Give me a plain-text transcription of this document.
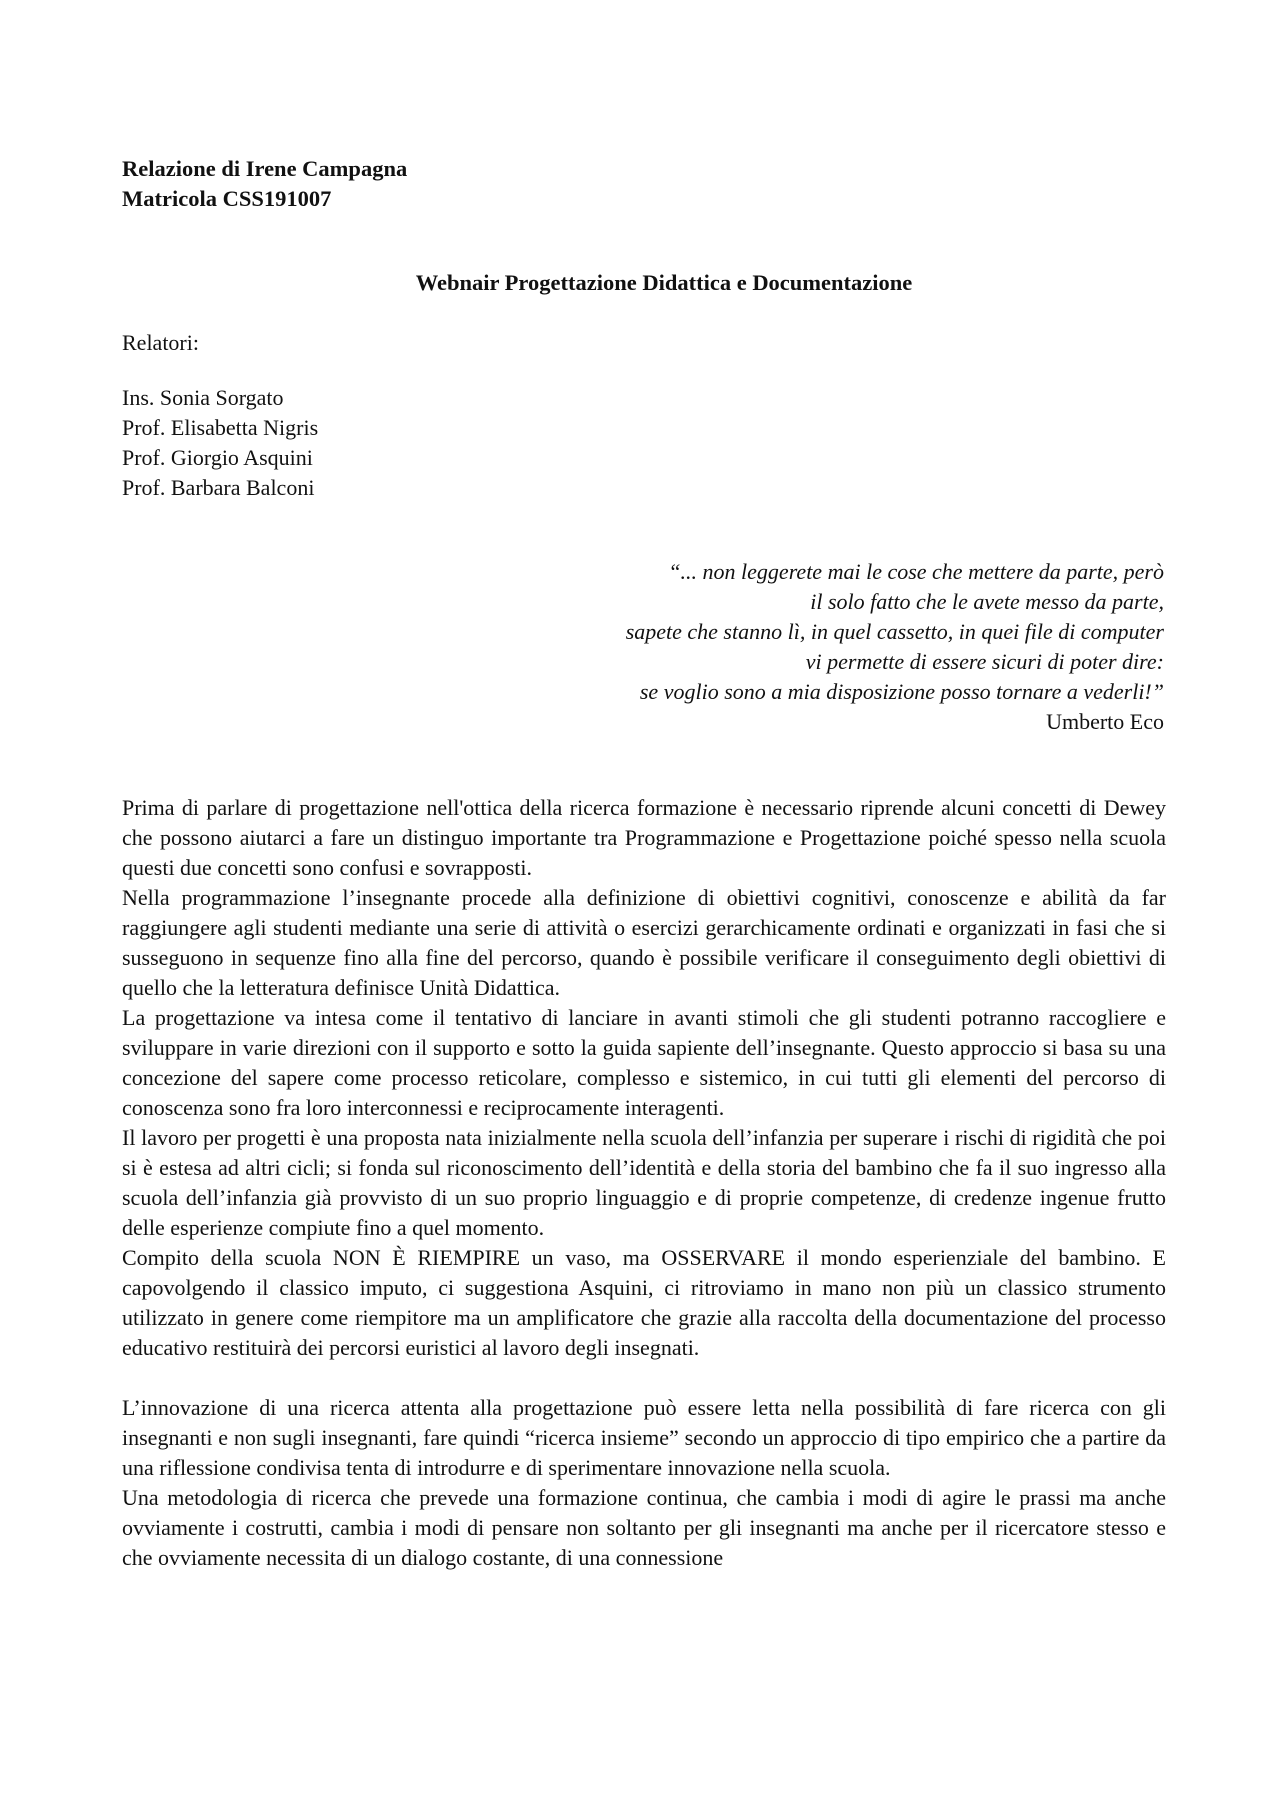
Relazione di Irene Campagna
Matricola CSS191007
Webnair Progettazione Didattica e Documentazione
Relatori:
Ins. Sonia Sorgato
Prof. Elisabetta Nigris
Prof. Giorgio Asquini
Prof. Barbara Balconi
“... non leggerete mai le cose che mettere da parte, però
il solo fatto che le avete messo da parte,
sapete che stanno lì, in quel cassetto, in quei file di computer
vi permette di essere sicuri di poter dire:
se voglio sono a mia disposizione posso tornare a vederli!”
Umberto Eco

Prima di parlare di progettazione nell'ottica della ricerca formazione è necessario riprende alcuni concetti di Dewey che possono aiutarci a fare un distinguo importante tra Programmazione e Progettazione poiché spesso nella scuola questi due concetti sono confusi e sovrapposti.

Nella programmazione l’insegnante procede alla definizione di obiettivi cognitivi, conoscenze e abilità da far raggiungere agli studenti mediante una serie di attività o esercizi gerarchicamente ordinati e organizzati in fasi che si susseguono in sequenze fino alla fine del percorso, quando è possibile verificare il conseguimento degli obiettivi di quello che la letteratura definisce Unità Didattica.

La progettazione va intesa come il tentativo di lanciare in avanti stimoli che gli studenti potranno raccogliere e sviluppare in varie direzioni con il supporto e sotto la guida sapiente dell’insegnante. Questo approccio si basa su una concezione del sapere come processo reticolare, complesso e sistemico, in cui tutti gli elementi del percorso di conoscenza sono fra loro interconnessi e reciprocamente interagenti.

Il lavoro per progetti è una proposta nata inizialmente nella scuola dell’infanzia per superare i rischi di rigidità che poi si è estesa ad altri cicli; si fonda sul riconoscimento dell’identità e della storia del bambino che fa il suo ingresso alla scuola dell’infanzia già provvisto di un suo proprio linguaggio e di proprie competenze, di credenze ingenue frutto delle esperienze compiute fino a quel momento.

Compito della scuola NON È RIEMPIRE un vaso, ma OSSERVARE il mondo esperienziale del bambino. E capovolgendo il classico imputo, ci suggestiona Asquini, ci ritroviamo in mano non più un classico strumento utilizzato in genere come riempitore ma un amplificatore che grazie alla raccolta della documentazione del processo educativo restituirà dei percorsi euristici al lavoro degli insegnati.

L’innovazione di una ricerca attenta alla progettazione può essere letta nella possibilità di fare ricerca con gli insegnanti e non sugli insegnanti, fare quindi “ricerca insieme” secondo un approccio di tipo empirico che a partire da una riflessione condivisa tenta di introdurre e di sperimentare innovazione nella scuola.

Una metodologia di ricerca che prevede una formazione continua, che cambia i modi di agire le prassi ma anche ovviamente i costrutti, cambia i modi di pensare non soltanto per gli insegnanti ma anche per il ricercatore stesso e che ovviamente necessita di un dialogo costante, di una connessione
